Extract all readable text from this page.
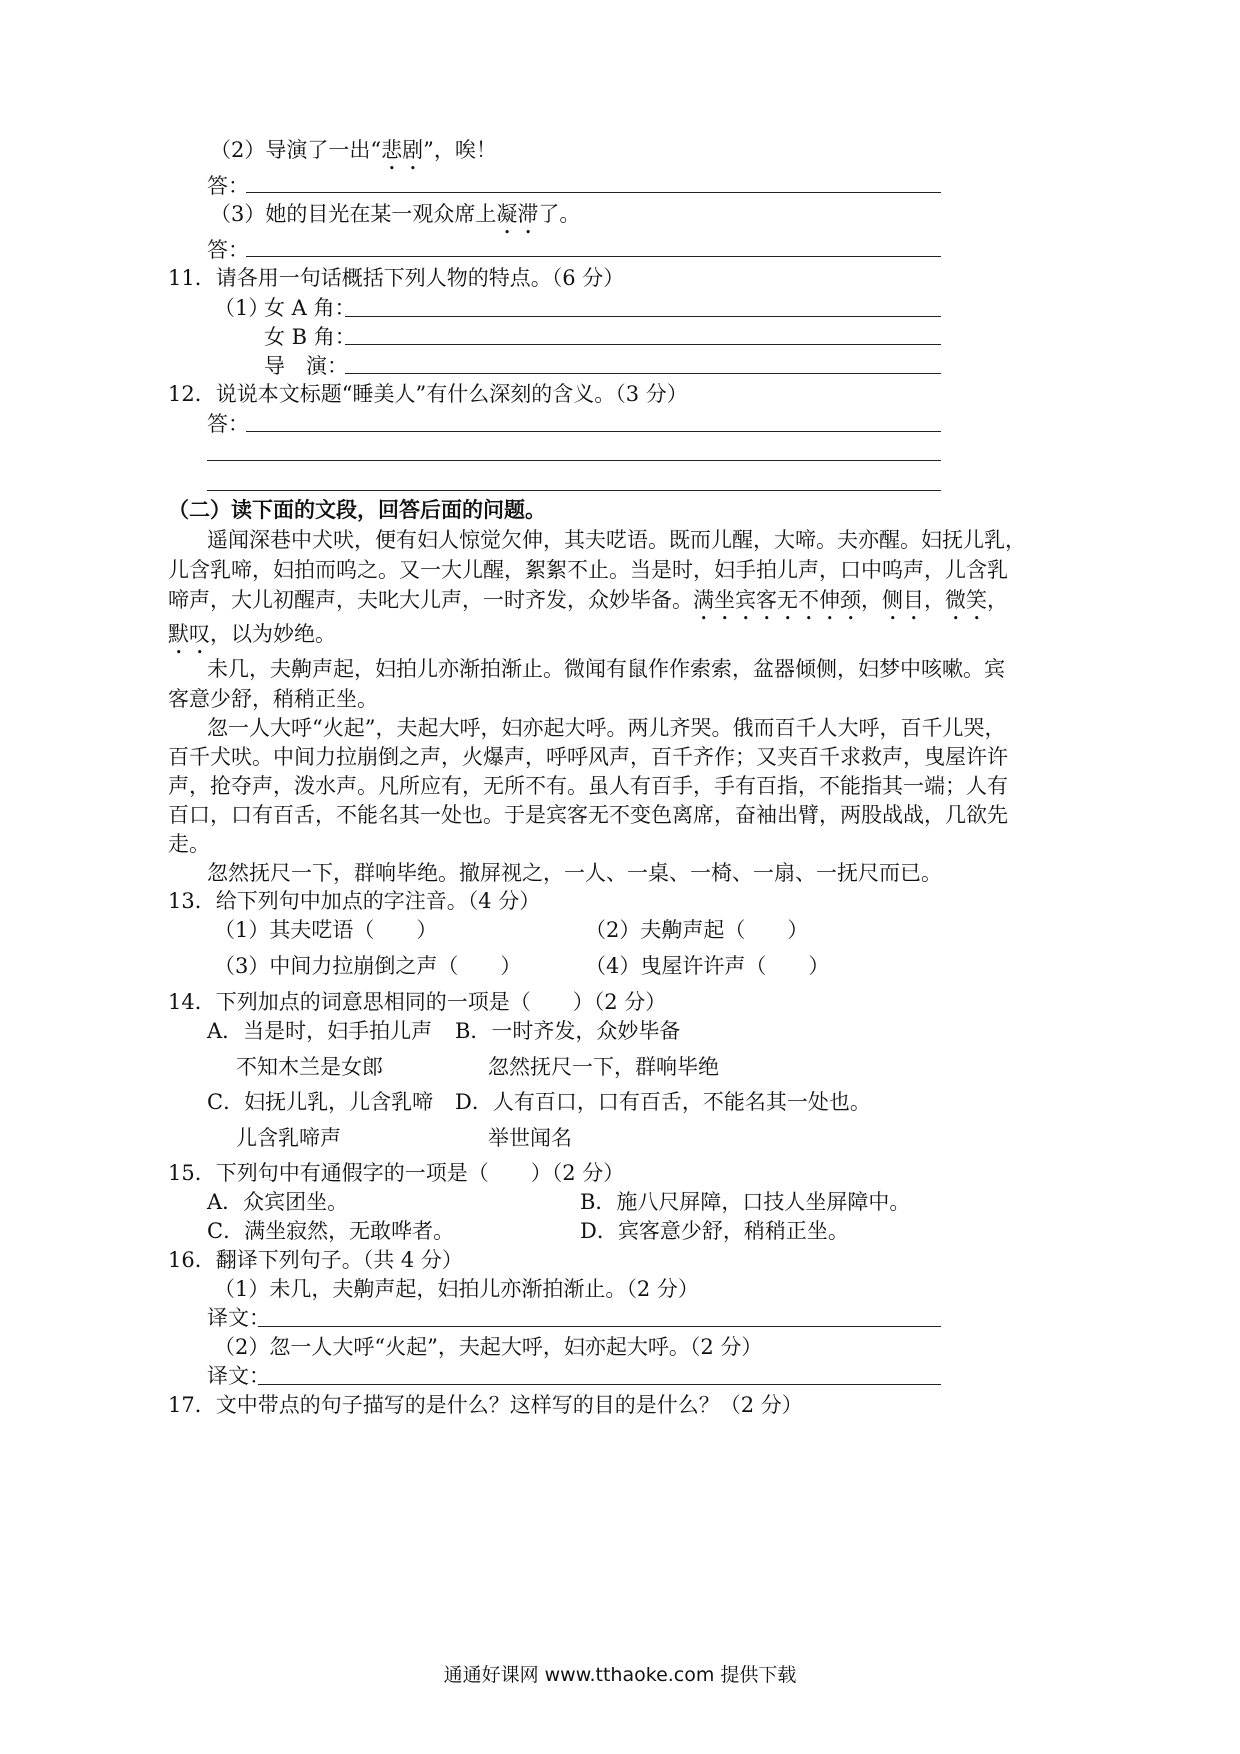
（2）导演了一出“悲剧”，唉！
答：
（3）她的目光在某一观众席上凝滞了。
答：
11．请各用一句话概括下列人物的特点。（6 分）
（1）
女 A 角：
女 B 角：
导　演：
12．说说本文标题“睡美人”有什么深刻的含义。（3 分）
答：
（二）读下面的文段，回答后面的问题。
遥闻深巷中犬吠，便有妇人惊觉欠伸，其夫呓语。既而儿醒，大啼。夫亦醒。妇抚儿乳，
儿含乳啼，妇拍而呜之。又一大儿醒，絮絮不止。当是时，妇手拍儿声，口中呜声，儿含乳
啼声，大儿初醒声，夫叱大儿声，一时齐发，众妙毕备。满坐宾客无不伸颈，侧目，微笑，
默叹，以为妙绝。
未几，夫齁声起，妇拍儿亦渐拍渐止。微闻有鼠作作索索，盆器倾侧，妇梦中咳嗽。宾
客意少舒，稍稍正坐。
忽一人大呼“火起”，夫起大呼，妇亦起大呼。两儿齐哭。俄而百千人大呼，百千儿哭，
百千犬吠。中间力拉崩倒之声，火爆声，呼呼风声，百千齐作；又夹百千求救声，曳屋许许
声，抢夺声，泼水声。凡所应有，无所不有。虽人有百手，手有百指，不能指其一端；人有
百口，口有百舌，不能名其一处也。于是宾客无不变色离席，奋袖出臂，两股战战，几欲先
走。
忽然抚尺一下，群响毕绝。撤屏视之，一人、一桌、一椅、一扇、一抚尺而已。
13．给下列句中加点的字注音。（4 分）
（1）其夫呓语（　　）	（2）夫齁声起（　　）
（3）中间力拉崩倒之声（　　）	（4）曳屋许许声（　　）
14．下列加点的词意思相同的一项是（　　）（2 分）
A．当是时，妇手拍儿声 B．一时齐发，众妙毕备
不知木兰是女郎	忽然抚尺一下，群响毕绝
C．妇抚儿乳，儿含乳啼 D．人有百口，口有百舌，不能名其一处也。
儿含乳啼声	举世闻名
15．下列句中有通假字的一项是（　　）（2 分）
A．众宾团坐。	B．施八尺屏障，口技人坐屏障中。
C．满坐寂然，无敢哗者。	D．宾客意少舒，稍稍正坐。
16．翻译下列句子。（共 4 分）
（1）未几，夫齁声起，妇拍儿亦渐拍渐止。（2 分）
译文：
（2）忽一人大呼“火起”，夫起大呼，妇亦起大呼。（2 分）
译文：
17．文中带点的句子描写的是什么？这样写的目的是什么？（2 分）
通通好课网 www.tthaoke.com 提供下载
